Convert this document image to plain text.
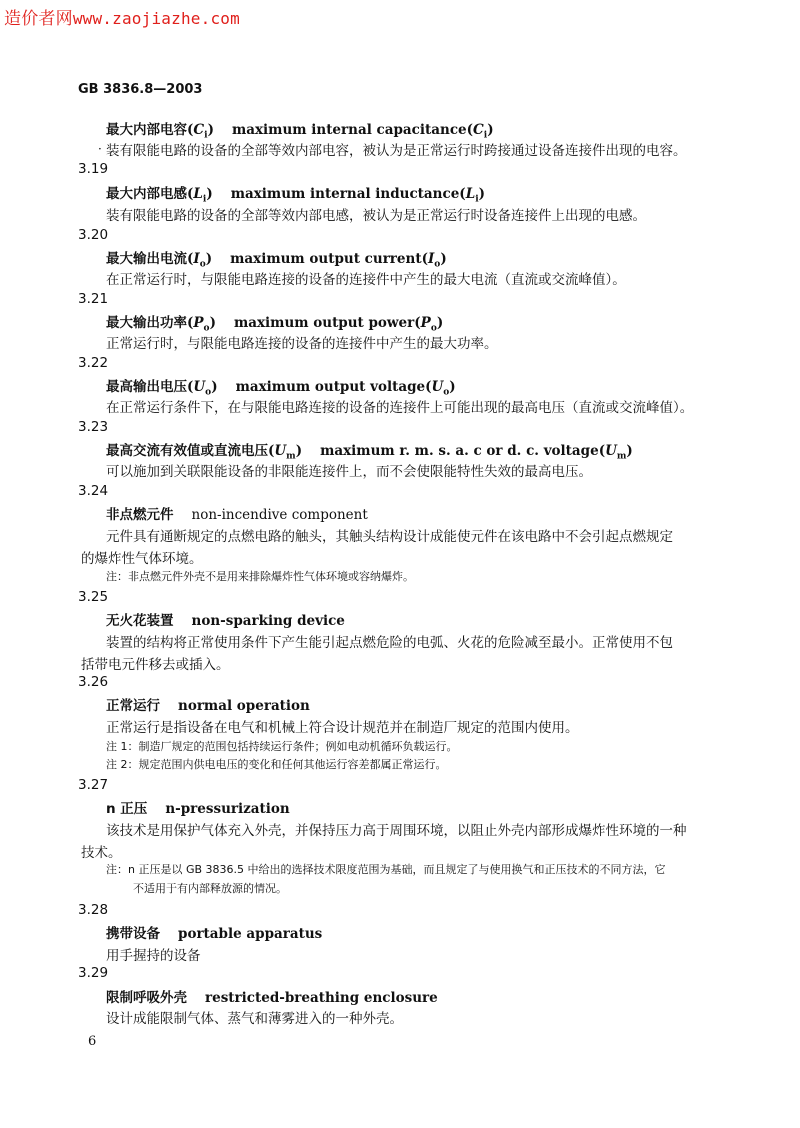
造价者网www.zaojiazhe.com
GB 3836.8—2003
最大内部电容$(C_i)$ maximum internal $capacitance(C_i)$
· 装有限能电路的设备的全部等效内部电容，被认为是正常运行时跨接通过设备连接件出现的电容。
3.19
最大内部电感$(L_i)$ maximum internal $inductance(L_i)$
装有限能电路的设备的全部等效内部电感，被认为是正常运行时设备连接件上出现的电感。
3.20
最大输出电流$(I_o)$ maximum output $current(I_o)$
在正常运行时，与限能电路连接的设备的连接件中产生的最大电流（直流或交流峰值）。
3.21
最大输出功率$(P_o)$ maximum output $power(P_o)$
正常运行时，与限能电路连接的设备的连接件中产生的最大功率。
3.22
最高输出电压$(U_o)$ maximum output $voltage(U_o)$
在正常运行条件下，在与限能电路连接的设备的连接件上可能出现的最高电压（直流或交流峰值）。
3.23
最高交流有效值或直流电压$(U_m)$ maximum r. m. s. a. c or d. c. $voltage(U_m)$
可以施加到关联限能设备的非限能连接件上，而不会使限能特性失效的最高电压。
3.24
非点燃元件 non-incendive component
元件具有通断规定的点燃电路的触头，其触头结构设计成能使元件在该电路中不会引起点燃规定
的爆炸性气体环境。
注：非点燃元件外壳不是用来排除爆炸性气体环境或容纳爆炸。
3.25
无火花装置 non-sparking device
装置的结构将正常使用条件下产生能引起点燃危险的电弧、火花的危险减至最小。正常使用不包
括带电元件移去或插入。
3.26
正常运行 normal operation
正常运行是指设备在电气和机械上符合设计规范并在制造厂规定的范围内使用。
注 1：制造厂规定的范围包括持续运行条件；例如电动机循环负载运行。
注 2：规定范围内供电电压的变化和任何其他运行容差都属正常运行。
3.27
n 正压 n-pressurization
该技术是用保护气体充入外壳，并保持压力高于周围环境，以阻止外壳内部形成爆炸性环境的一种
技术。
注：n 正压是以 GB 3836.5 中给出的选择技术限度范围为基础，而且规定了与使用换气和正压技术的不同方法，它
不适用于有内部释放源的情况。
3.28
携带设备 portable apparatus
用手握持的设备
3.29
限制呼吸外壳 restricted-breathing enclosure
设计成能限制气体、蒸气和薄雾进入的一种外壳。
6
